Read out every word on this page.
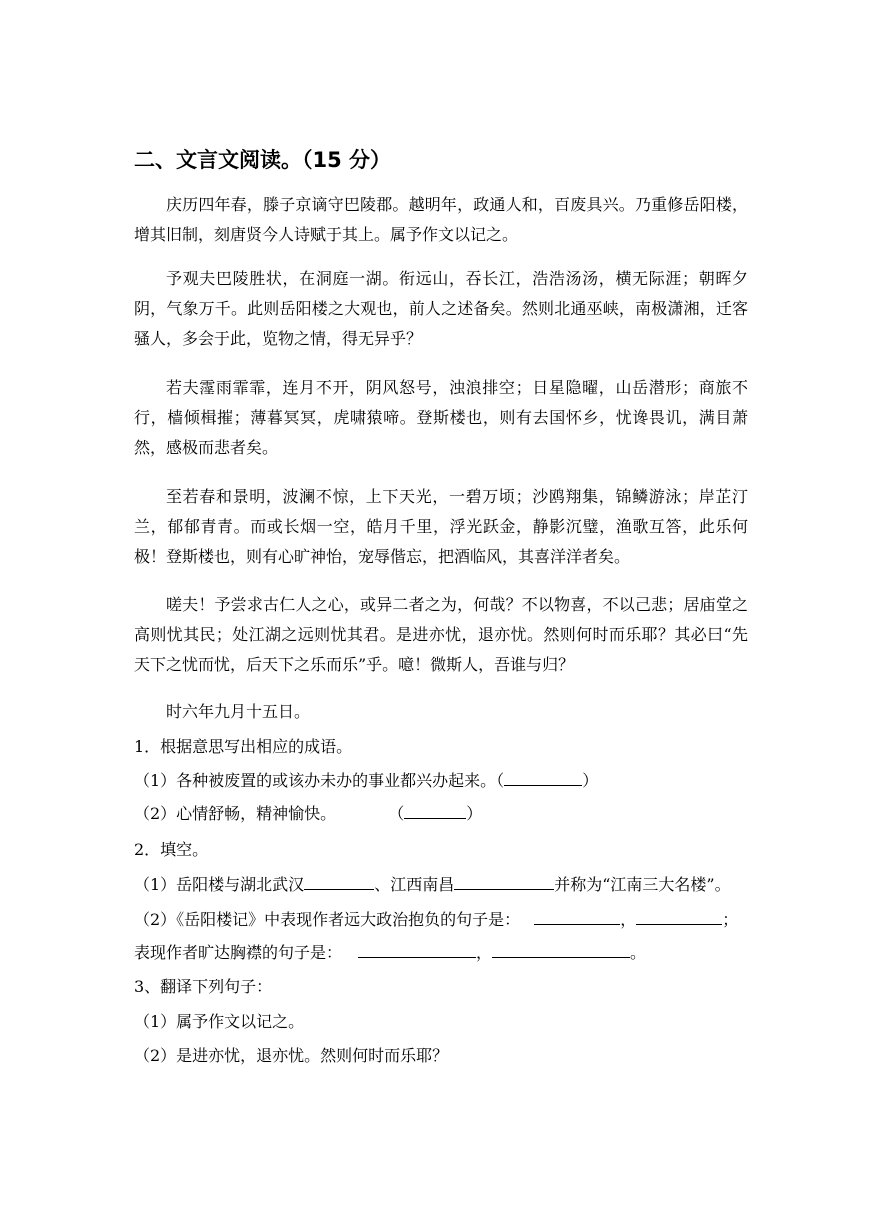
二、文言文阅读。（15 分）
庆历四年春，滕子京谪守巴陵郡。越明年，政通人和，百废具兴。乃重修岳阳楼，增其旧制，刻唐贤今人诗赋于其上。属予作文以记之。
予观夫巴陵胜状，在洞庭一湖。衔远山，吞长江，浩浩汤汤，横无际涯；朝晖夕阴，气象万千。此则岳阳楼之大观也，前人之述备矣。然则北通巫峡，南极潇湘，迁客骚人，多会于此，览物之情，得无异乎？
若夫霪雨霏霏，连月不开，阴风怒号，浊浪排空；日星隐曜，山岳潜形；商旅不行，樯倾楫摧；薄暮冥冥，虎啸猿啼。登斯楼也，则有去国怀乡，忧谗畏讥，满目萧然，感极而悲者矣。
至若春和景明，波澜不惊，上下天光，一碧万顷；沙鸥翔集，锦鳞游泳；岸芷汀兰，郁郁青青。而或长烟一空，皓月千里，浮光跃金，静影沉璧，渔歌互答，此乐何极！登斯楼也，则有心旷神怡，宠辱偕忘，把酒临风，其喜洋洋者矣。
嗟夫！予尝求古仁人之心，或异二者之为，何哉？不以物喜，不以己悲；居庙堂之高则忧其民；处江湖之远则忧其君。是进亦忧，退亦忧。然则何时而乐耶？其必曰“先天下之忧而忧，后天下之乐而乐”乎。噫！微斯人，吾谁与归？
时六年九月十五日。
1．根据意思写出相应的成语。
（1）各种被废置的或该办未办的事业都兴办起来。（	）
（2）心情舒畅，精神愉快。	（	）
2．填空。
（1）岳阳楼与湖北武汉	、江西南昌	并称为“江南三大名楼”。
（2）《岳阳楼记》中表现作者远大政治抱负的句子是：	，	；
表现作者旷达胸襟的句子是：	，	。
3、翻译下列句子：
（1）属予作文以记之。
（2）是进亦忧，退亦忧。然则何时而乐耶？
